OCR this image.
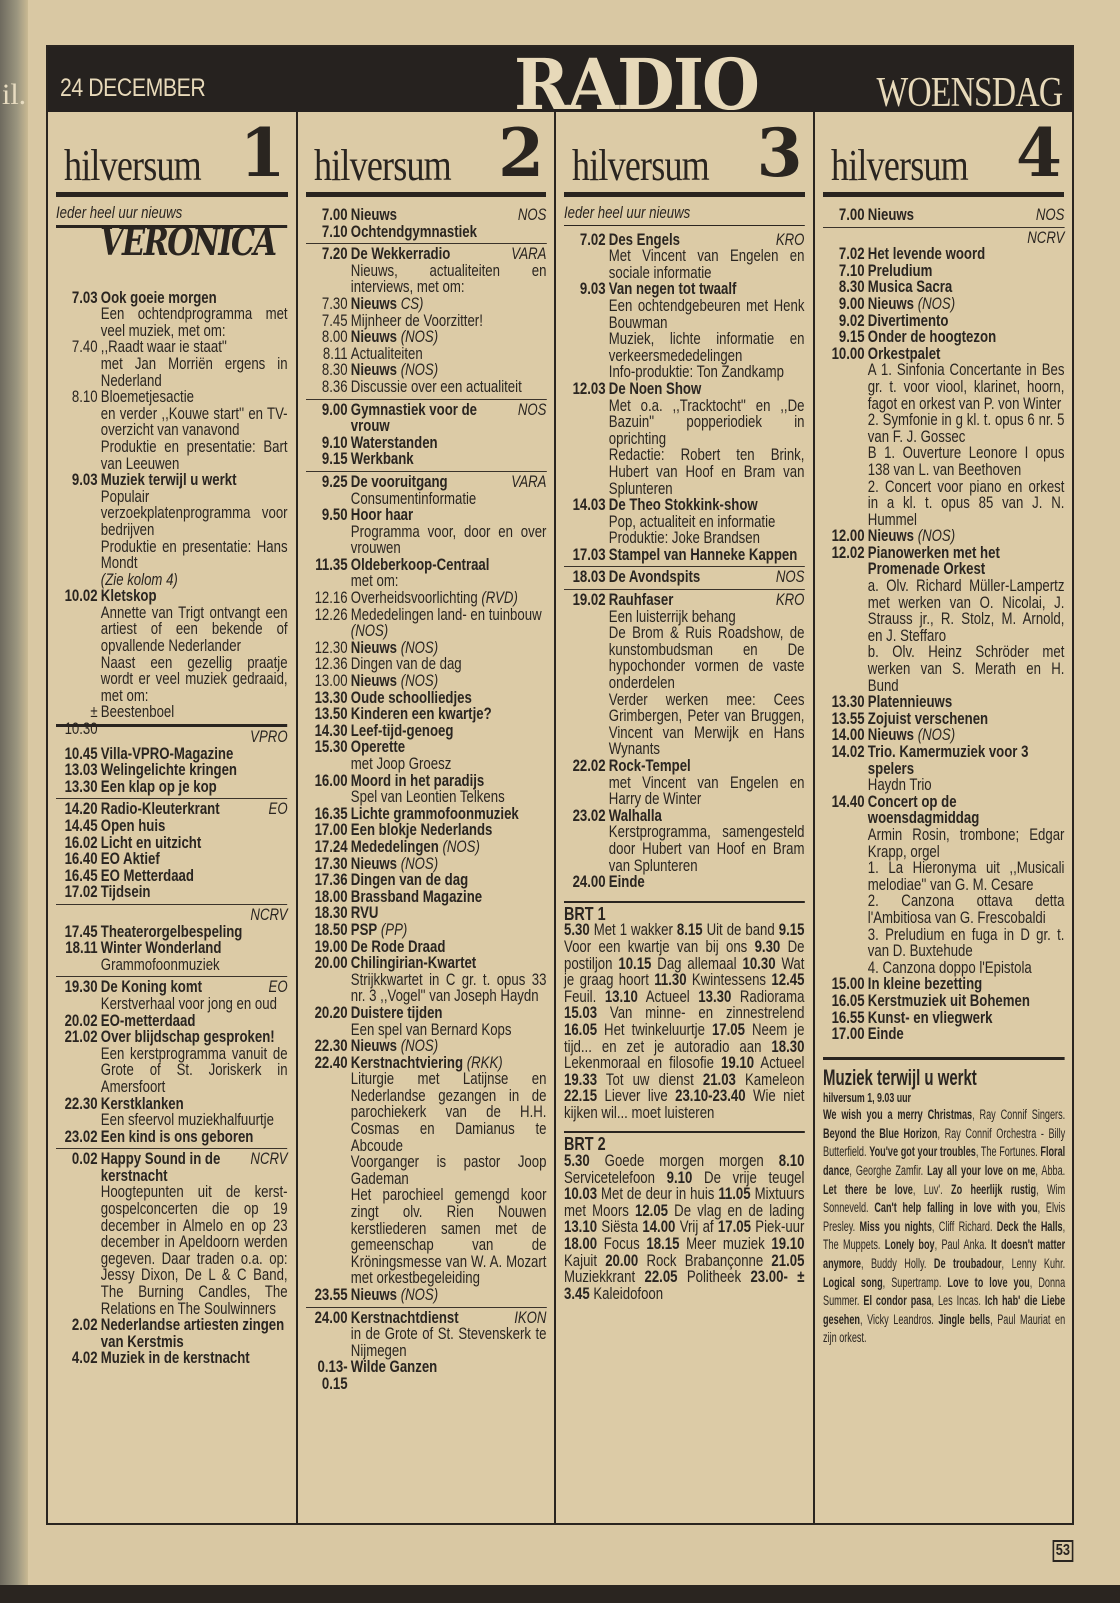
il. 24 DECEMBER	RADIO	WOENSDAG
hilversum 1
Ieder heel uur nieuws
VERONICA
7.03 Ook goeie morgen
Een ochtendprogramma met veel muziek, met om:
7.40 ,,Raadt waar ie staat''
met Jan Morriën ergens in Nederland
8.10 Bloemetjesactie
en verder ,,Kouwe start'' en TV-overzicht van vanavond
Produktie en presentatie: Bart van Leeuwen
9.03 Muziek terwijl u werkt
Populair verzoekplatenprogramma voor bedrijven
Produktie en presentatie: Hans Mondt
(Zie kolom 4)
10.02 Kletskop
Annette van Trigt ontvangt een artiest of een bekende of opvallende Nederlander
Naast een gezellig praatje wordt er veel muziek gedraaid, met om:
± 10.30
Beestenboel
VPRO
10.45 Villa-VPRO-Magazine
13.03 Welingelichte kringen
13.30 Een klap op je kop
14.20	EO
Radio-Kleuterkrant
14.45 Open huis
16.02 Licht en uitzicht
16.40 EO Aktief
16.45 EO Metterdaad
17.02 Tijdsein
NCRV
17.45 Theaterorgelbespeling
18.11 Winter Wonderland
Grammofoonmuziek
19.30	EO
De Koning komt
Kerstverhaal voor jong en oud
20.02 EO-metterdaad
21.02 Over blijdschap gesproken!
Een kerstprogramma vanuit de Grote of St. Joriskerk in Amersfoort
22.30 Kerstklanken
Een sfeervol muziekhalfuurtje
23.02 Een kind is ons geboren
0.02	NCRV
Happy Sound in de kerstnacht
Hoogtepunten uit de kerst-gospelconcerten die op 19 december in Almelo en op 23 december in Apeldoorn werden gegeven. Daar traden o.a. op: Jessy Dixon, De L & C Band, The Burning Candles, The Relations en The Soulwinners
2.02 Nederlandse artiesten zingen van Kerstmis
4.02 Muziek in de kerstnacht
hilversum 2
7.00	NOS
Nieuws
7.10 Ochtendgymnastiek
7.20	VARA
De Wekkerradio
Nieuws, actualiteiten en interviews, met om:
7.30 Nieuws CS)
7.45 Mijnheer de Voorzitter!
8.00 Nieuws (NOS)
8.11 Actualiteiten
8.30 Nieuws (NOS)
8.36 Discussie over een actualiteit
9.00	NOS
Gymnastiek voor de vrouw
9.10 Waterstanden
9.15 Werkbank
9.25	VARA
De vooruitgang
Consumentinformatie
9.50 Hoor haar
Programma voor, door en over vrouwen
11.35 Oldeberkoop-Centraal
met om:
12.16 Overheidsvoorlichting (RVD)
12.26 Mededelingen land- en tuinbouw (NOS)
12.30 Nieuws (NOS)
12.36 Dingen van de dag
13.00 Nieuws (NOS)
13.30 Oude schoolliedjes
13.50 Kinderen een kwartje?
14.30 Leef-tijd-genoeg
15.30 Operette
met Joop Groesz
16.00 Moord in het paradijs
Spel van Leontien Telkens
16.35 Lichte grammofoonmuziek
17.00 Een blokje Nederlands
17.24 Mededelingen (NOS)
17.30 Nieuws (NOS)
17.36 Dingen van de dag
18.00 Brassband Magazine
18.30 RVU
18.50 PSP (PP)
19.00 De Rode Draad
20.00 Chilingirian-Kwartet
Strijkkwartet in C gr. t. opus 33 nr. 3 ,,Vogel'' van Joseph Haydn
20.20 Duistere tijden
Een spel van Bernard Kops
22.30 Nieuws (NOS)
22.40 Kerstnachtviering (RKK)
Liturgie met Latijnse en Nederlandse gezangen in de parochiekerk van de H.H. Cosmas en Damianus te Abcoude
Voorganger is pastor Joop Gademan
Het parochieel gemengd koor zingt olv. Rien Nouwen kerstliederen samen met de gemeenschap van de Kröningsmesse van W. A. Mozart met orkestbegeleiding
23.55 Nieuws (NOS)
24.00	IKON
Kerstnachtdienst
in de Grote of St. Stevenskerk te Nijmegen
0.13-0.15
Wilde Ganzen
hilversum 3
Ieder heel uur nieuws
7.02	KRO
Des Engels
Met Vincent van Engelen en sociale informatie
9.03 Van negen tot twaalf
Een ochtendgebeuren met Henk Bouwman
Muziek, lichte informatie en verkeersmededelingen
Info-produktie: Ton Zandkamp
12.03 De Noen Show
Met o.a. ,,Tracktocht'' en ,,De Bazuin'' popperiodiek in oprichting
Redactie: Robert ten Brink, Hubert van Hoof en Bram van Splunteren
14.03 De Theo Stokkink-show
Pop, actualiteit en informatie
Produktie: Joke Brandsen
17.03 Stampel van Hanneke Kappen
18.03	NOS
De Avondspits
19.02	KRO
Rauhfaser
Een luisterrijk behang
De Brom & Ruis Roadshow, de kunstombudsman en De hypochonder vormen de vaste onderdelen
Verder werken mee: Cees Grimbergen, Peter van Bruggen, Vincent van Merwijk en Hans Wynants
22.02 Rock-Tempel
met Vincent van Engelen en Harry de Winter
23.02 Walhalla
Kerstprogramma, samengesteld door Hubert van Hoof en Bram van Splunteren
24.00 Einde
BRT 1
5.30 Met 1 wakker 8.15 Uit de band 9.15 Voor een kwartje van bij ons 9.30 De postiljon 10.15 Dag allemaal 10.30 Wat je graag hoort 11.30 Kwintessens 12.45 Feuil. 13.10 Actueel 13.30 Radiorama 15.03 Van minne- en zinnestrelend 16.05 Het twinkeluurtje 17.05 Neem je tijd... en zet je autoradio aan 18.30 Lekenmoraal en filosofie 19.10 Actueel 19.33 Tot uw dienst 21.03 Kameleon 22.15 Liever live 23.10-23.40 Wie niet kijken wil... moet luisteren
BRT 2
5.30 Goede morgen morgen 8.10 Servicetelefoon 9.10 De vrije teugel 10.03 Met de deur in huis 11.05 Mixtuurs met Moors 12.05 De vlag en de lading 13.10 Siësta 14.00 Vrij af 17.05 Piek-uur 18.00 Focus 18.15 Meer muziek 19.10 Kajuit 20.00 Rock Brabançonne 21.05 Muziekkrant 22.05 Politheek 23.00- ± 3.45 Kaleidofoon
hilversum 4
7.00	NOS
Nieuws
NCRV
7.02 Het levende woord
7.10 Preludium
8.30 Musica Sacra
9.00 Nieuws (NOS)
9.02 Divertimento
9.15 Onder de hoogtezon
10.00 Orkestpalet
A 1. Sinfonia Concertante in Bes gr. t. voor viool, klarinet, hoorn, fagot en orkest van P. von Winter
2. Symfonie in g kl. t. opus 6 nr. 5 van F. J. Gossec
B 1. Ouverture Leonore I opus 138 van L. van Beethoven
2. Concert voor piano en orkest in a kl. t. opus 85 van J. N. Hummel
12.00 Nieuws (NOS)
12.02 Pianowerken met het Promenade Orkest
a. Olv. Richard Müller-Lampertz met werken van O. Nicolai, J. Strauss jr., R. Stolz, M. Arnold, en J. Steffaro
b. Olv. Heinz Schröder met werken van S. Merath en H. Bund
13.30 Platennieuws
13.55 Zojuist verschenen
14.00 Nieuws (NOS)
14.02 Trio. Kamermuziek voor 3 spelers
Haydn Trio
14.40 Concert op de woensdagmiddag
Armin Rosin, trombone; Edgar Krapp, orgel
1. La Hieronyma uit ,,Musicali melodiae'' van G. M. Cesare
2. Canzona ottava detta l'Ambitiosa van G. Frescobaldi
3. Preludium en fuga in D gr. t. van D. Buxtehude
4. Canzona doppo l'Epistola
15.00 In kleine bezetting
16.05 Kerstmuziek uit Bohemen
16.55 Kunst- en vliegwerk
17.00 Einde
Muziek terwijl u werkt
hilversum 1, 9.03 uur
We wish you a merry Christmas, Ray Connif Singers. Beyond the Blue Horizon, Ray Connif Orchestra - Billy Butterfield. You've got your troubles, The Fortunes. Floral dance, Georghe Zamfir. Lay all your love on me, Abba. Let there be love, Luv'. Zo heerlijk rustig, Wim Sonneveld. Can't help falling in love with you, Elvis Presley. Miss you nights, Cliff Richard. Deck the Halls, The Muppets. Lonely boy, Paul Anka. It doesn't matter anymore, Buddy Holly. De troubadour, Lenny Kuhr. Logical song, Supertramp. Love to love you, Donna Summer. El condor pasa, Les Incas. Ich hab' die Liebe gesehen, Vicky Leandros. Jingle bells, Paul Mauriat en zijn orkest.
53
